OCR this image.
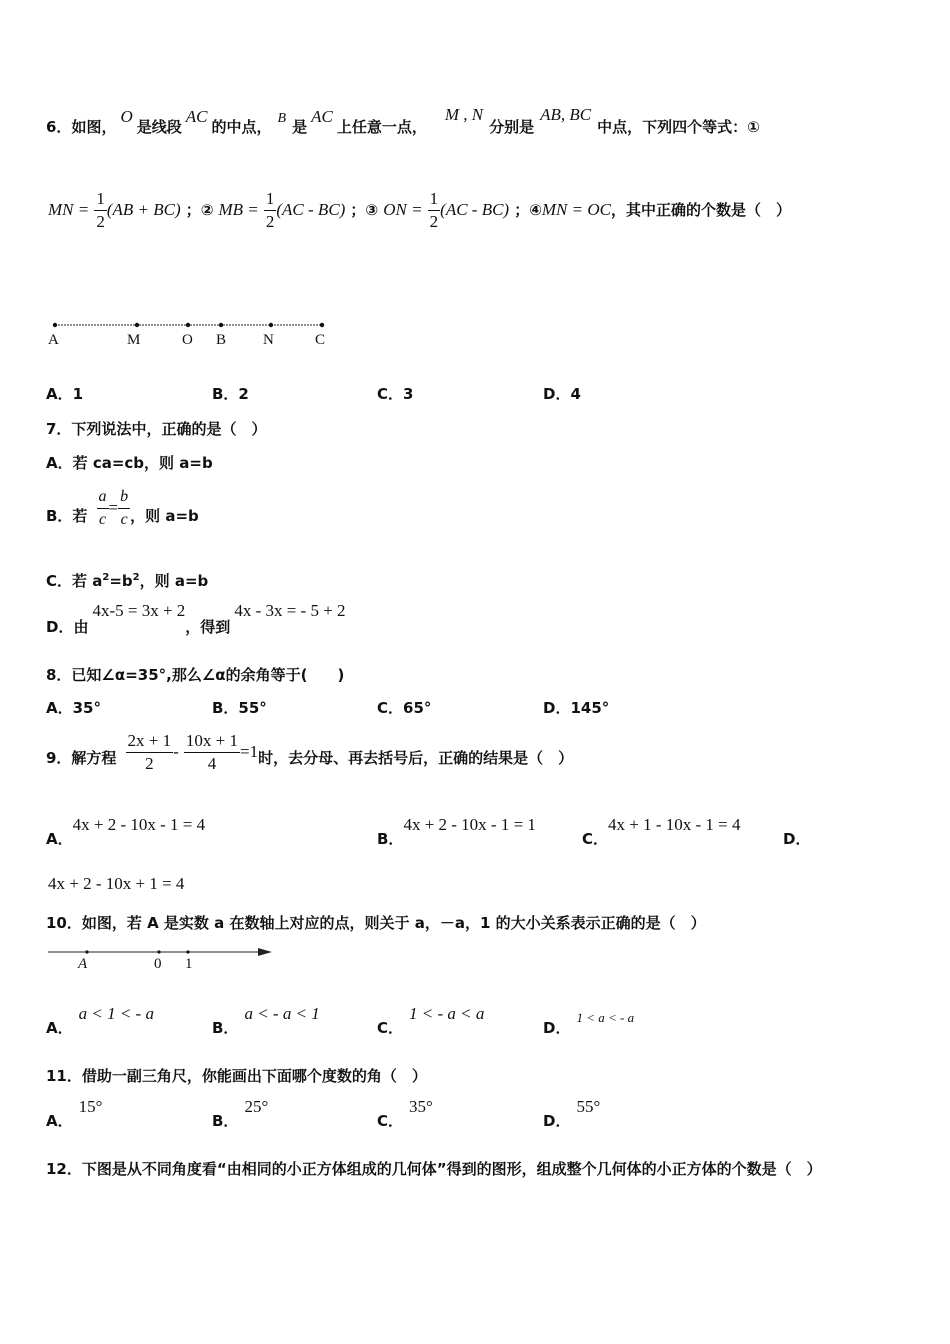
6．如图，O是线段AC的中点， B 是AC上任意一点，M , N分别是AB, BC中点，下列四个等式：①
MN = $\frac{1}{2} (AB + BC)$ ；② MB = $\frac{1}{2} (AC - BC)$ ；③ ON = $\frac{1}{2} (AC - BC)$ ；④MN = OC，其中正确的个数是（　）
A	M	O B N	C
A．1	B．2	C．3	D．4
7．下列说法中，正确的是（　）
A．若 ca=cb，则 a=b
B．若 $\frac{a}{c} = \frac{b}{c}$ ，则 a=b
C．若 $a^2=b^2$，则 a=b
D．由4x-5 = 3x + 2，得到4x - 3x = - 5 + 2
8．已知∠α=35°,那么∠α的余角等于(　　)
A．35°	B．55°	C．65°	D．145°
9．解方程 $\frac{2x + 1}{2} - \frac{10x + 1}{4} =1$时，去分母、再去括号后，正确的结果是（　）
A．4x + 2 - 10x - 1 = 4
B．4x + 2 - 10x - 1 = 1
C．4x + 1 - 10x - 1 = 4
D．
4x + 2 - 10x + 1 = 4
10．如图，若 A 是实数 a 在数轴上对应的点，则关于 a，－a，1 的大小关系表示正确的是（　）
A	0 1
A．a < 1 < - a
B．a < - a < 1
C．1 < - a < a
D．1 < a < - a
11．借助一副三角尺，你能画出下面哪个度数的角（　）
A．15°
B．25°
C．35°
D．55°
12．下图是从不同角度看“由相同的小正方体组成的几何体”得到的图形，组成整个几何体的小正方体的个数是（　）
